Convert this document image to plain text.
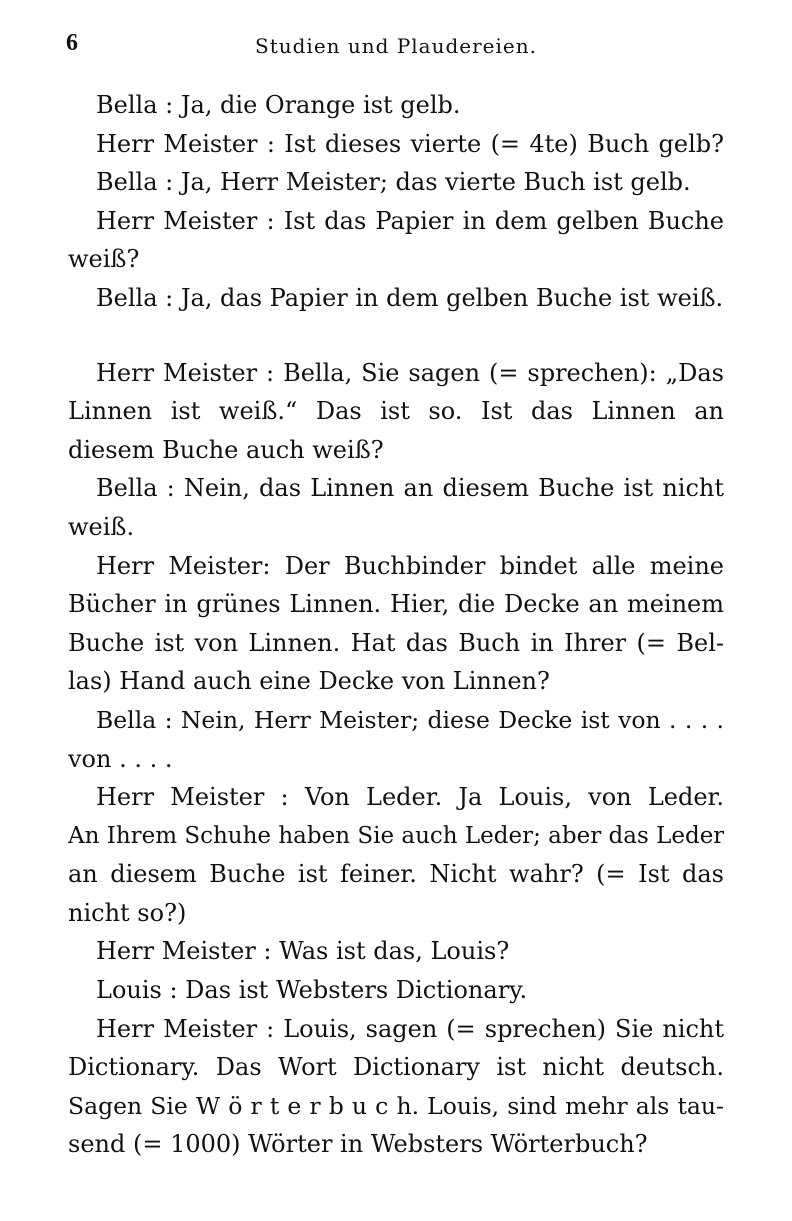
6	Studien und Plaudereien.
Bella : Ja, die Orange ist gelb.
Herr Meister : Ist dieses vierte (= 4te) Buch gelb?
Bella : Ja, Herr Meister; das vierte Buch ist gelb.
Herr Meister : Ist das Papier in dem gelben Buche
weiß?
Bella : Ja, das Papier in dem gelben Buche ist weiß.
Herr Meister : Bella, Sie sagen (= sprechen): „Das
Linnen ist weiß.“ Das ist so. Ist das Linnen an
diesem Buche auch weiß?
Bella : Nein, das Linnen an diesem Buche ist nicht
weiß.
Herr Meister: Der Buchbinder bindet alle meine
Bücher in grünes Linnen. Hier, die Decke an meinem
Buche ist von Linnen. Hat das Buch in Ihrer (= Bel-
las) Hand auch eine Decke von Linnen?
Bella : Nein, Herr Meister; diese Decke ist von . . . .
von . . . .
Herr Meister : Von Leder. Ja Louis, von Leder.
An Ihrem Schuhe haben Sie auch Leder; aber das Leder
an diesem Buche ist feiner. Nicht wahr? (= Ist das
nicht so?)
Herr Meister : Was ist das, Louis?
Louis : Das ist Websters Dictionary.
Herr Meister : Louis, sagen (= sprechen) Sie nicht
Dictionary. Das Wort Dictionary ist nicht deutsch.
Sagen Sie W ö r t e r b u c h. Louis, sind mehr als tau-
send (= 1000) Wörter in Websters Wörterbuch?
